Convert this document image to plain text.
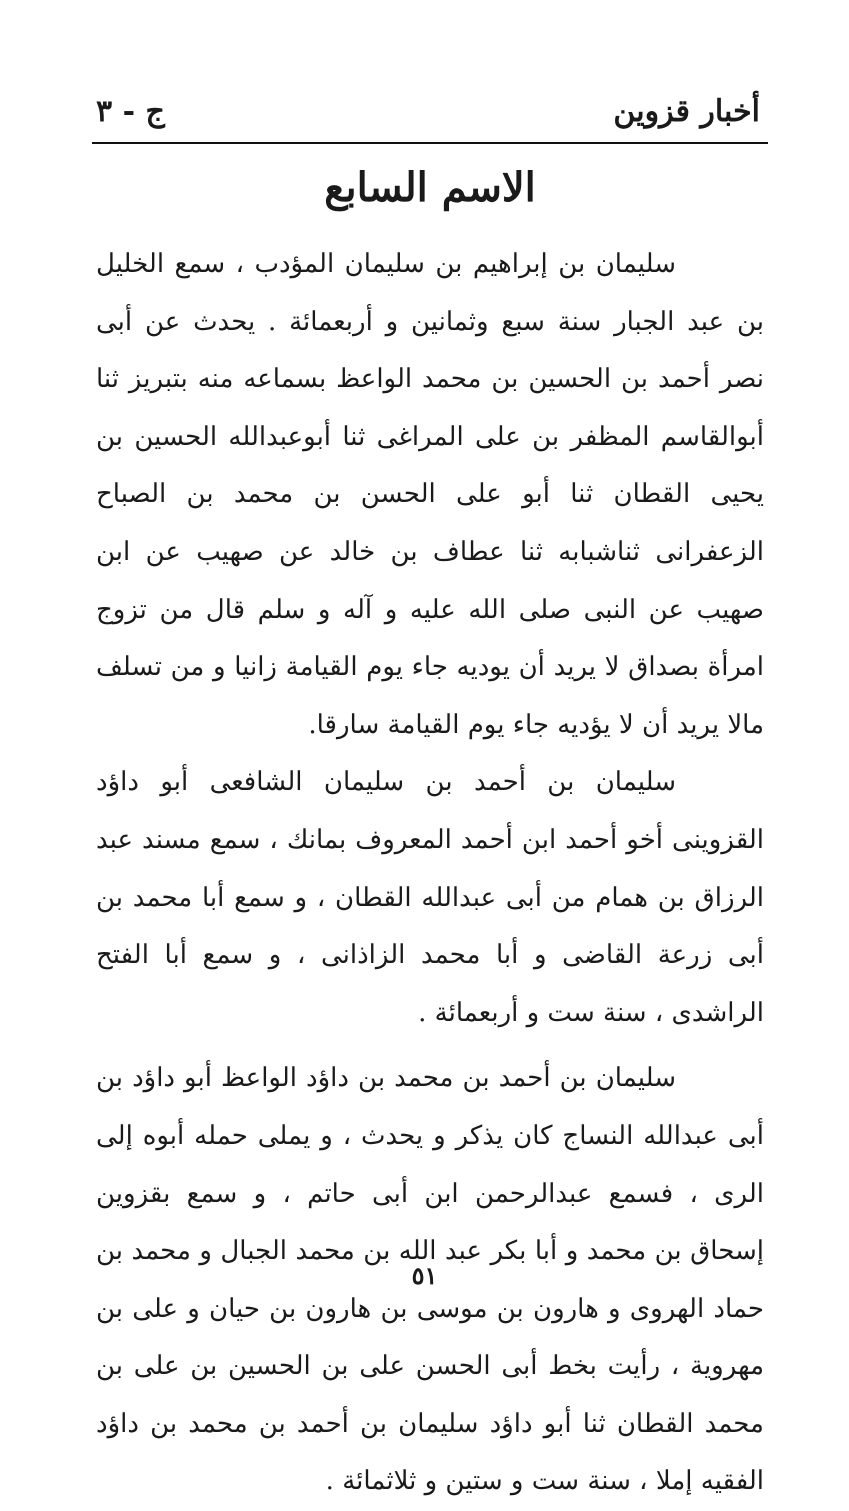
أخبار قزوين
ج - ٣
الاسم السابع

سليمان بن إبراهيم بن سليمان المؤدب ، سمع الخليل بن عبد الجبار سنة سبع وثمانين و أربعمائة . يحدث عن أبى نصر أحمد بن الحسين بن محمد الواعظ بسماعه منه بتبريز ثنا أبوالقاسم المظفر بن على المراغى ثنا أبوعبدالله الحسين بن يحيى القطان ثنا أبو على الحسن بن محمد بن الصباح الزعفرانى ثناشبابه ثنا عطاف بن خالد عن صهيب عن ابن صهيب عن النبى صلى الله عليه و آله و سلم قال من تزوج امرأة بصداق لا يريد أن يوديه جاء يوم القيامة زانيا و من تسلف مالا يريد أن لا يؤديه جاء يوم القيامة سارقا.

سليمان بن أحمد بن سليمان الشافعى أبو داؤد القزوينى أخو أحمد ابن أحمد المعروف بمانك ، سمع مسند عبد الرزاق بن همام من أبى عبدالله القطان ، و سمع أبا محمد بن أبى زرعة القاضى و أبا محمد الزاذانى ، و سمع أبا الفتح الراشدى ، سنة ست و أربعمائة .

سليمان بن أحمد بن محمد بن داؤد الواعظ أبو داؤد بن أبى عبدالله النساج كان يذكر و يحدث ، و يملى حمله أبوه إلى الرى ، فسمع عبدالرحمن ابن أبى حاتم ، و سمع بقزوين إسحاق بن محمد و أبا بكر عبد الله بن محمد الجبال و محمد بن حماد الهروى و هارون بن موسى بن هارون بن حيان و على بن مهروية ، رأيت بخط أبى الحسن على بن الحسين بن على بن محمد القطان ثنا أبو داؤد سليمان بن أحمد بن محمد بن داؤد الفقيه إملا ، سنة ست و ستين و ثلاثمائة .

٥١
